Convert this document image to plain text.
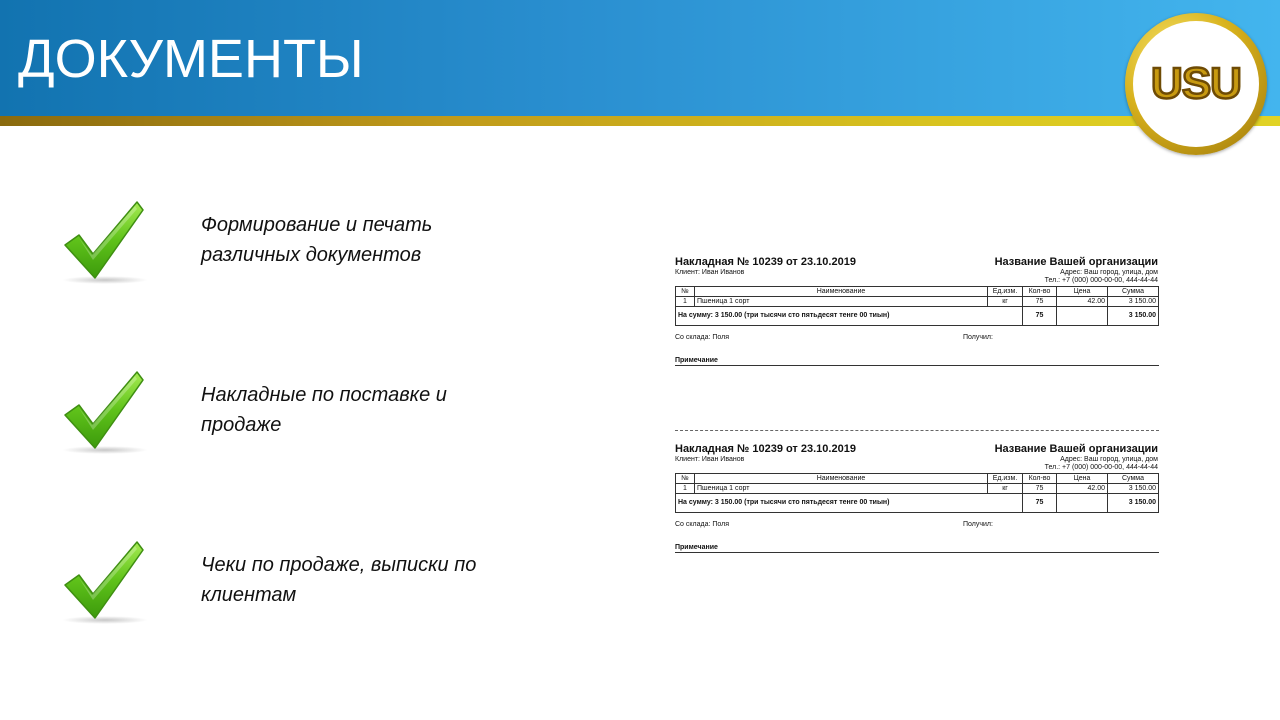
ДОКУМЕНТЫ	USU

Формирование и печать различных документов

Накладные по поставке и продаже

Чеки по продаже, выписки по клиентам

Накладная № 10239 от 23.10.2019
Клиент: Иван Иванов
Название Вашей организации
Адрес: Ваш город, улица, дом
Тел.: +7 (000) 000-00-00, 444-44-44
№	Наименование	Ед.изм.	Кол-во	Цена	Сумма
1	Пшеница 1 сорт	кг	75	42.00	3 150.00
На сумму: 3 150.00 (три тысячи сто пятьдесят тенге 00 тиын)			75		3 150.00
Со склада: Поля	Получил:
Примечание
Накладная № 10239 от 23.10.2019
Клиент: Иван Иванов
Название Вашей организации
Адрес: Ваш город, улица, дом
Тел.: +7 (000) 000-00-00, 444-44-44
№	Наименование	Ед.изм.	Кол-во	Цена	Сумма
1	Пшеница 1 сорт	кг	75	42.00	3 150.00
На сумму: 3 150.00 (три тысячи сто пятьдесят тенге 00 тиын)			75		3 150.00
Со склада: Поля	Получил:
Примечание
